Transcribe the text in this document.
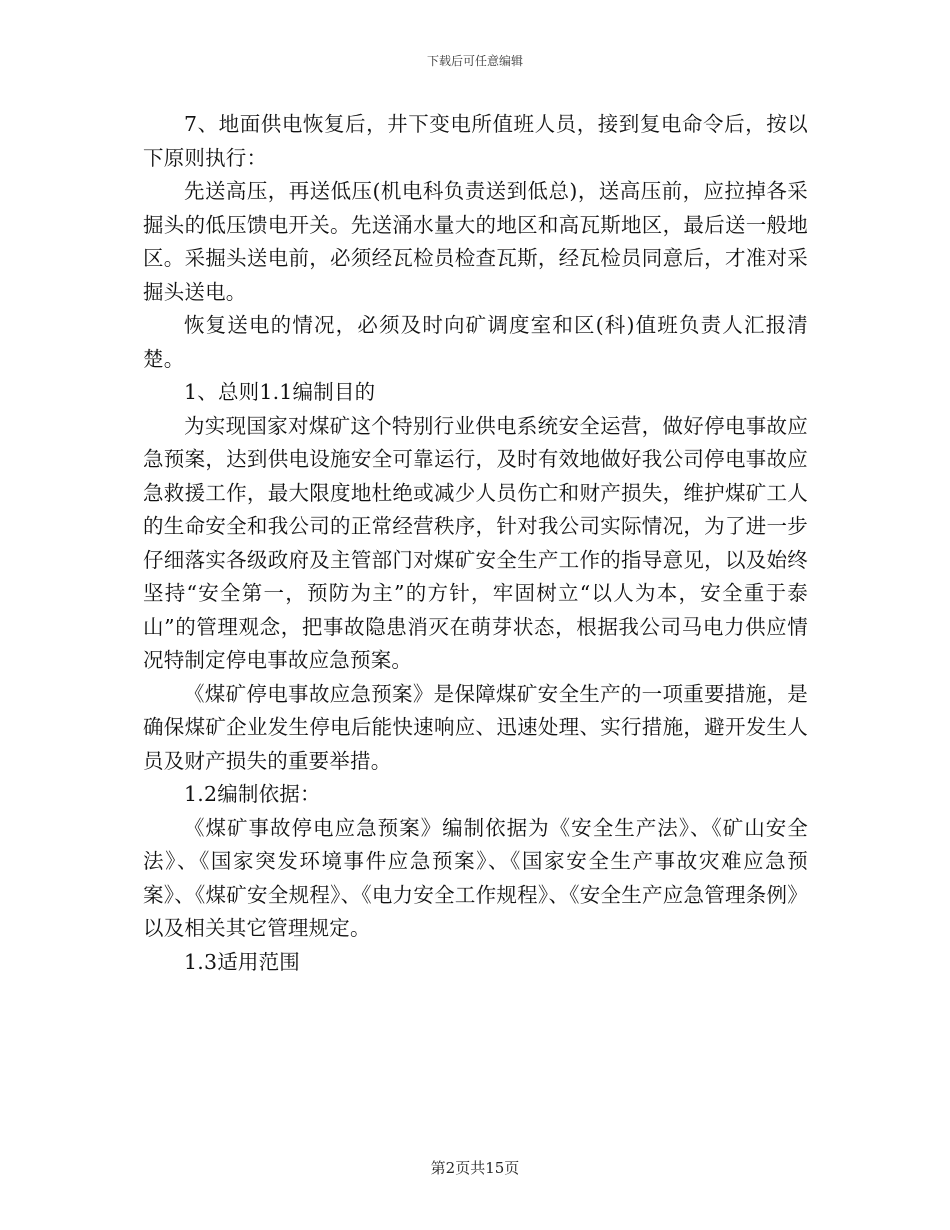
下载后可任意编辑

7、地面供电恢复后，井下变电所值班人员，接到复电命令后，按以下原则执行：

先送高压，再送低压(机电科负责送到低总)，送高压前，应拉掉各采掘头的低压馈电开关。先送涌水量大的地区和高瓦斯地区，最后送一般地区。采掘头送电前，必须经瓦检员检查瓦斯，经瓦检员同意后，才准对采掘头送电。

恢复送电的情况，必须及时向矿调度室和区(科)值班负责人汇报清楚。

1、总则1.1编制目的

为实现国家对煤矿这个特别行业供电系统安全运营，做好停电事故应急预案，达到供电设施安全可靠运行，及时有效地做好我公司停电事故应急救援工作，最大限度地杜绝或减少人员伤亡和财产损失，维护煤矿工人的生命安全和我公司的正常经营秩序，针对我公司实际情况，为了进一步仔细落实各级政府及主管部门对煤矿安全生产工作的指导意见，以及始终坚持“安全第一，预防为主”的方针，牢固树立“以人为本，安全重于泰山”的管理观念，把事故隐患消灭在萌芽状态，根据我公司马电力供应情况特制定停电事故应急预案。

《煤矿停电事故应急预案》是保障煤矿安全生产的一项重要措施，是确保煤矿企业发生停电后能快速响应、迅速处理、实行措施，避开发生人员及财产损失的重要举措。

1.2编制依据：

《煤矿事故停电应急预案》编制依据为《安全生产法》、《矿山安全法》、《国家突发环境事件应急预案》、《国家安全生产事故灾难应急预案》、《煤矿安全规程》、《电力安全工作规程》、《安全生产应急管理条例》以及相关其它管理规定。

1.3适用范围

第2页共15页
